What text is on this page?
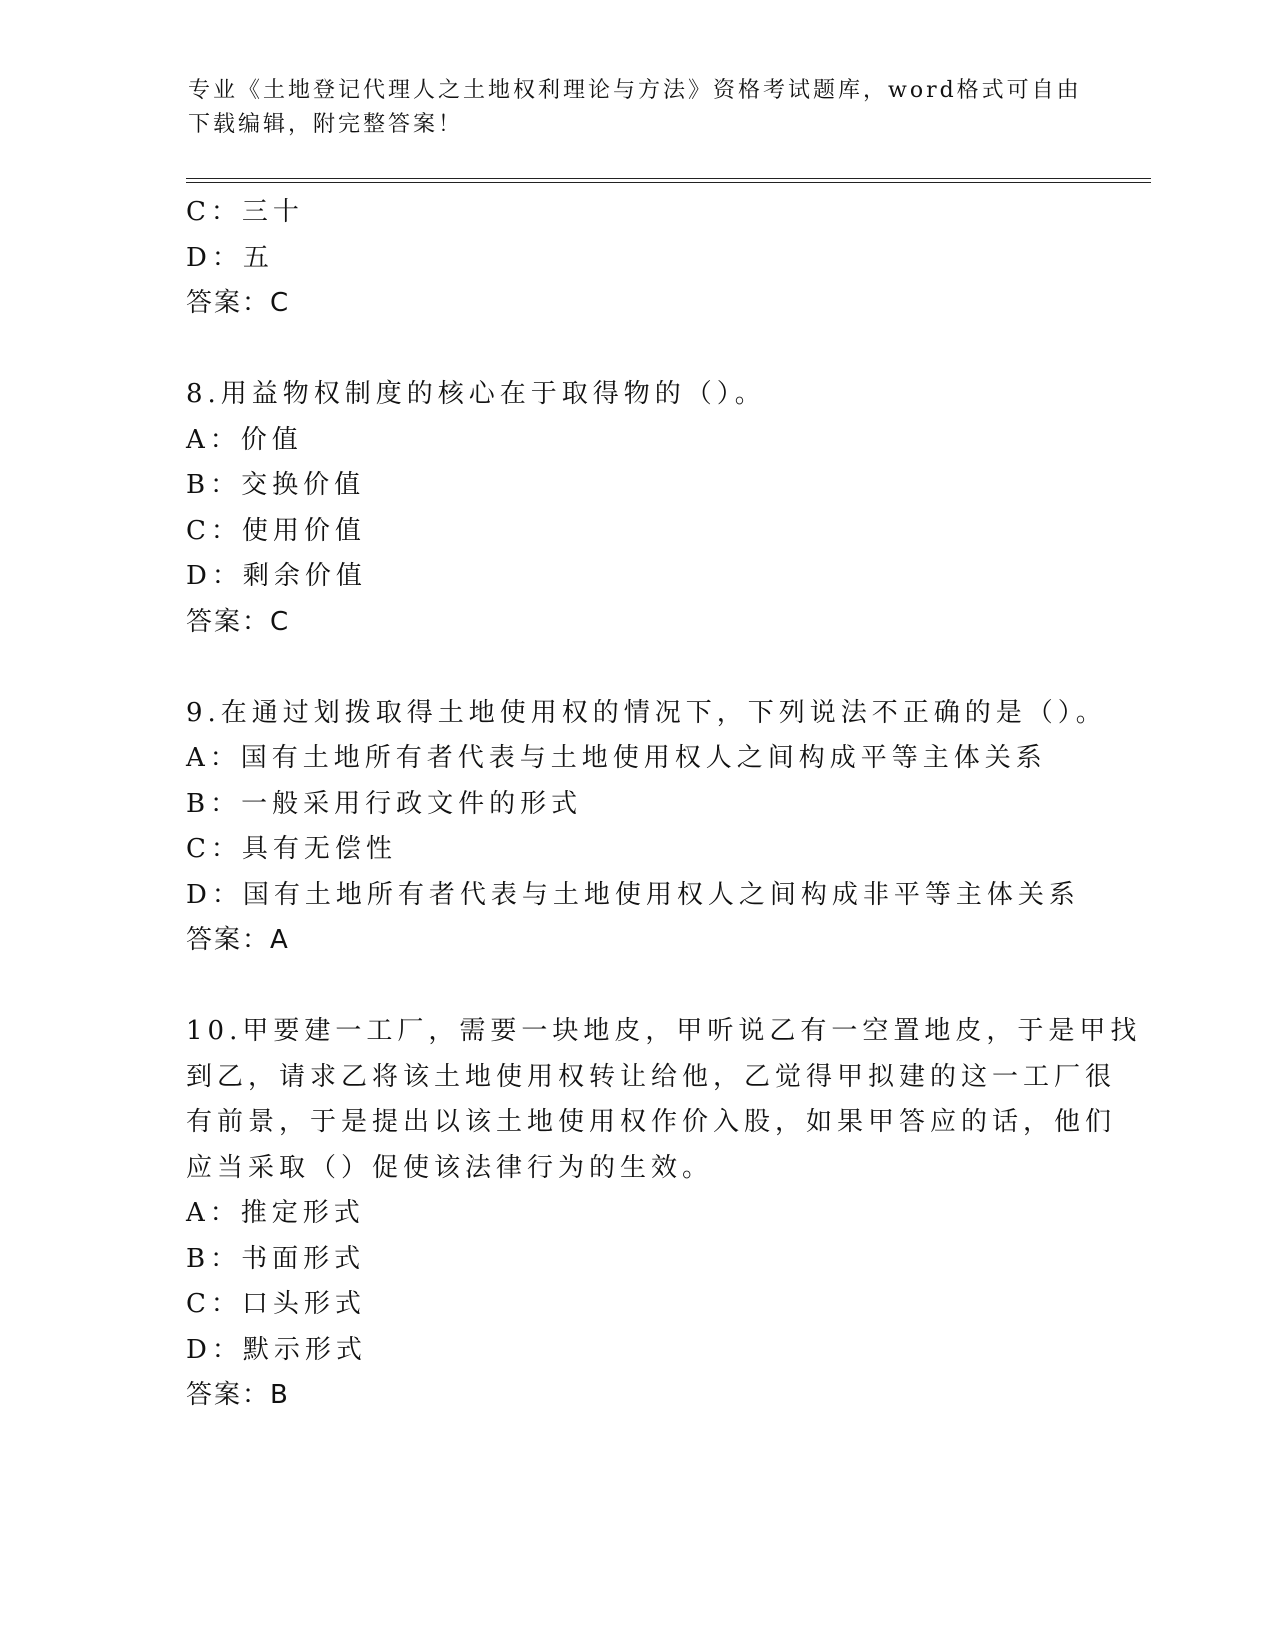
专业《土地登记代理人之土地权利理论与方法》资格考试题库，word格式可自由
下载编辑，附完整答案！
C：三十
D：五
答案：C
8.用益物权制度的核心在于取得物的（）。
A：价值
B：交换价值
C：使用价值
D：剩余价值
答案：C
9.在通过划拨取得土地使用权的情况下，下列说法不正确的是（）。
A：国有土地所有者代表与土地使用权人之间构成平等主体关系
B：一般采用行政文件的形式
C：具有无偿性
D：国有土地所有者代表与土地使用权人之间构成非平等主体关系
答案：A
10.甲要建一工厂，需要一块地皮，甲听说乙有一空置地皮，于是甲找
到乙，请求乙将该土地使用权转让给他，乙觉得甲拟建的这一工厂很
有前景，于是提出以该土地使用权作价入股，如果甲答应的话，他们
应当采取（）促使该法律行为的生效。
A：推定形式
B：书面形式
C：口头形式
D：默示形式
答案：B
